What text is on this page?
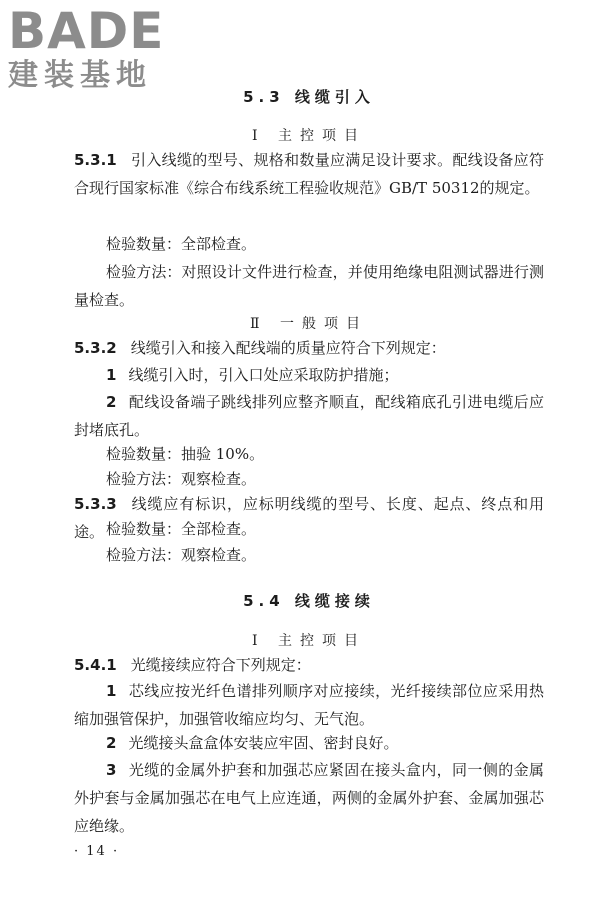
BADE
建装基地
5.3 线缆引入
Ⅰ 主控项目

5.3.1 引入线缆的型号、规格和数量应满足设计要求。配线设备应符合现行国家标准《综合布线系统工程验收规范》GB/T 50312的规定。

检验数量：全部检查。

检验方法：对照设计文件进行检查，并使用绝缘电阻测试器进行测量检查。

Ⅱ 一般项目

5.3.2 线缆引入和接入配线端的质量应符合下列规定：

1 线缆引入时，引入口处应采取防护措施；

2 配线设备端子跳线排列应整齐顺直，配线箱底孔引进电缆后应封堵底孔。

检验数量：抽验 10%。

检验方法：观察检查。

5.3.3 线缆应有标识，应标明线缆的型号、长度、起点、终点和用途。 检验数量：全部检查。

检验方法：观察检查。

5.4 线缆接续
Ⅰ 主控项目

5.4.1 光缆接续应符合下列规定：

1 芯线应按光纤色谱排列顺序对应接续，光纤接续部位应采用热缩加强管保护，加强管收缩应均匀、无气泡。

2 光缆接头盒盒体安装应牢固、密封良好。

3 光缆的金属外护套和加强芯应紧固在接头盒内，同一侧的金属外护套与金属加强芯在电气上应连通，两侧的金属外护套、金属加强芯应绝缘。

· 14 ·
